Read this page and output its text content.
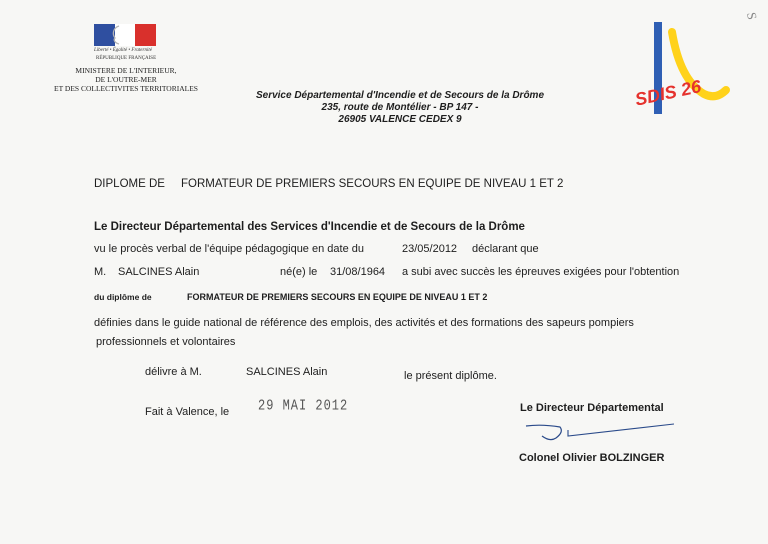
Liberté • Égalité • Fraternité
RÉPUBLIQUE FRANÇAISE
MINISTERE DE L'INTERIEUR,
DE L'OUTRE-MER
ET DES COLLECTIVITES TERRITORIALES
Service Départemental d'Incendie et de Secours de la Drôme
235, route de Montélier - BP 147 -
26905 VALENCE CEDEX 9
SDIS 26
S
DIPLOME DE FORMATEUR DE PREMIERS SECOURS EN EQUIPE DE NIVEAU 1 ET 2
Le Directeur Départemental des Services d'Incendie et de Secours de la Drôme
vu le procès verbal de l'équipe pédagogique en date du	23/05/2012 déclarant que
M. SALCINES Alain	né(e) le 31/08/1964 a subi avec succès les épreuves exigées pour l'obtention
du diplôme de	FORMATEUR DE PREMIERS SECOURS EN EQUIPE DE NIVEAU 1 ET 2
définies dans le guide national de référence des emplois, des activités et des formations des sapeurs pompiers
professionnels et volontaires
délivre à M.	SALCINES Alain	le présent diplôme.
Fait à Valence, le 29 MAI 2012	Le Directeur Départemental
Colonel Olivier BOLZINGER
